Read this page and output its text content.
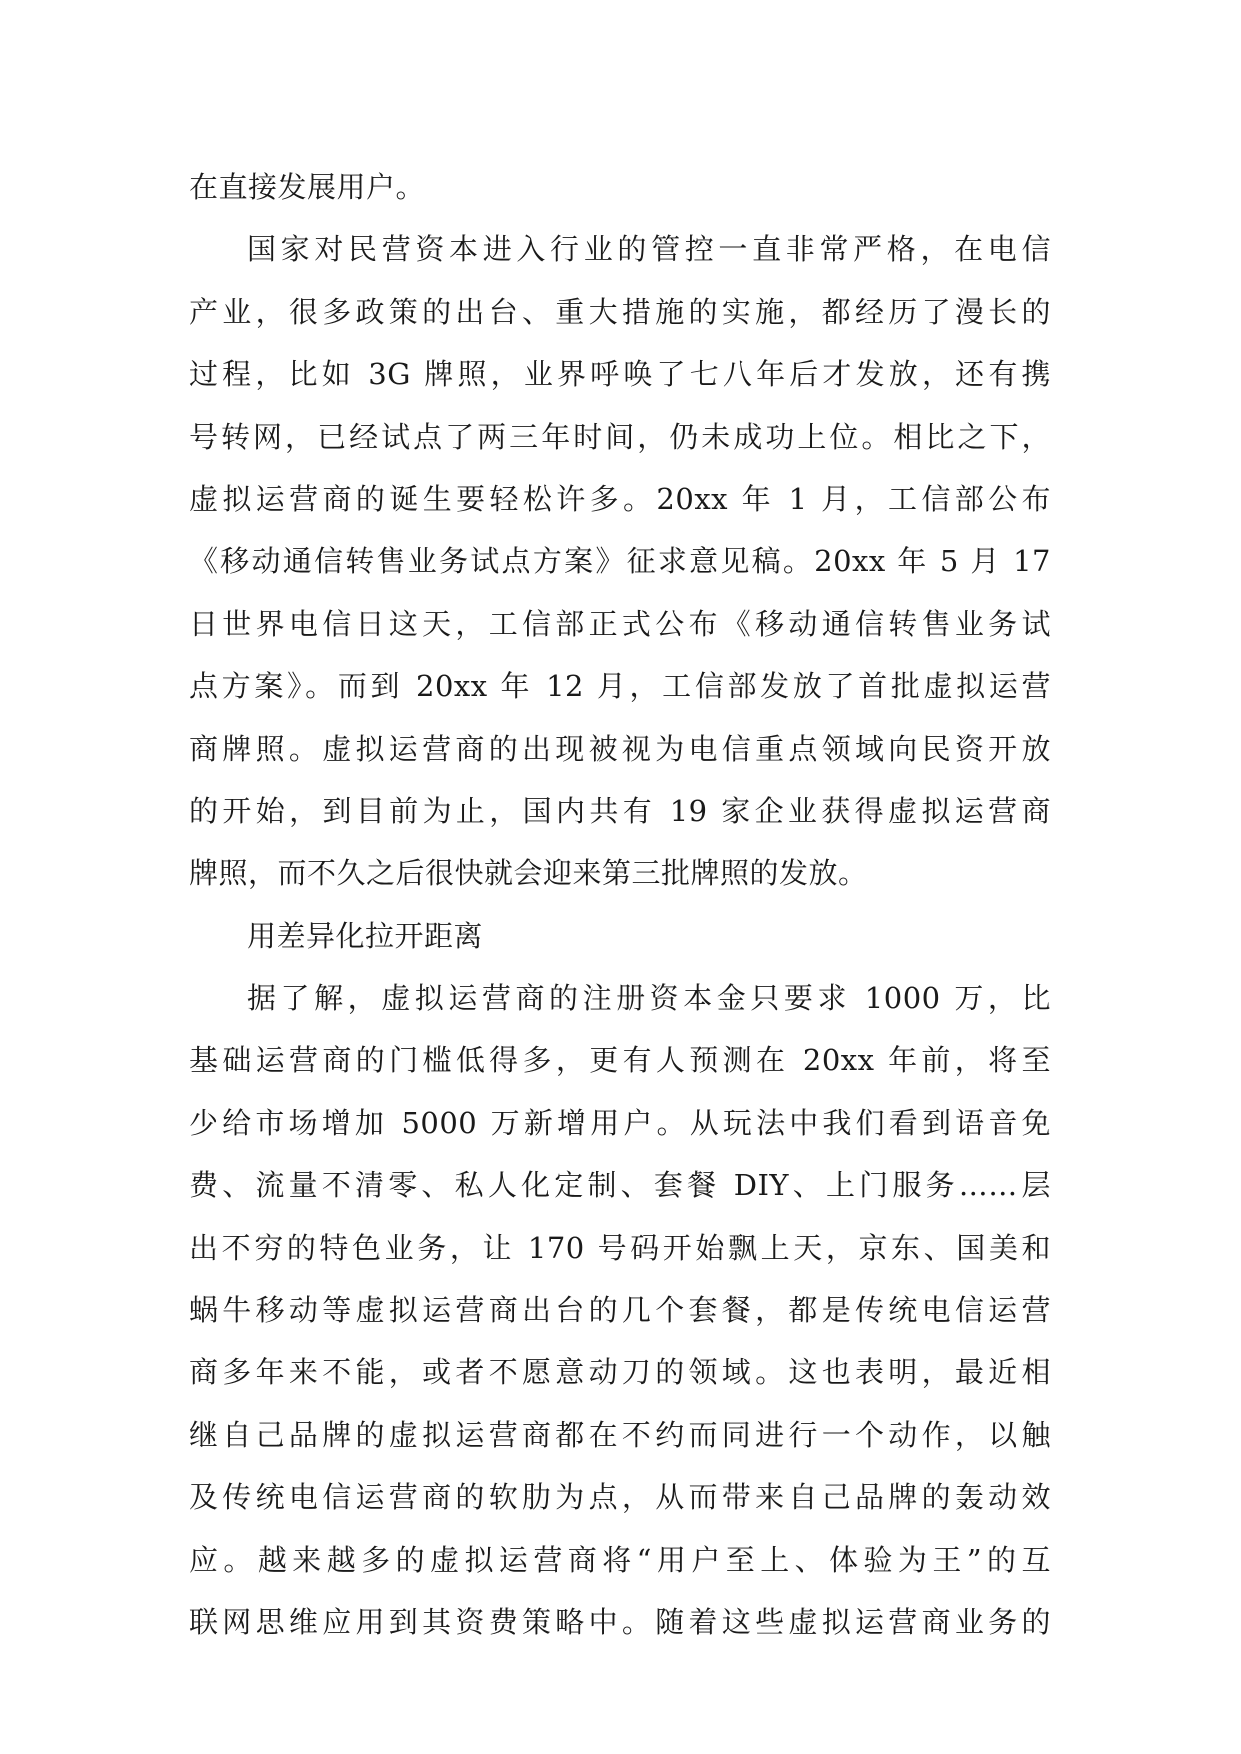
在直接发展用户。
国家对民营资本进入行业的管控一直非常严格，在电信
产业，很多政策的出台、重大措施的实施，都经历了漫长的
过程，比如 3G 牌照，业界呼唤了七八年后才发放，还有携
号转网，已经试点了两三年时间，仍未成功上位。相比之下，
虚拟运营商的诞生要轻松许多。20xx 年 1 月，工信部公布
《移动通信转售业务试点方案》征求意见稿。20xx 年 5 月 17
日世界电信日这天，工信部正式公布《移动通信转售业务试
点方案》。而到 20xx 年 12 月，工信部发放了首批虚拟运营
商牌照。虚拟运营商的出现被视为电信重点领域向民资开放
的开始，到目前为止，国内共有 19 家企业获得虚拟运营商
牌照，而不久之后很快就会迎来第三批牌照的发放。
用差异化拉开距离
据了解，虚拟运营商的注册资本金只要求 1000 万，比
基础运营商的门槛低得多，更有人预测在 20xx 年前，将至
少给市场增加 5000 万新增用户。从玩法中我们看到语音免
费、流量不清零、私人化定制、套餐 DIY、上门服务……层
出不穷的特色业务，让 170 号码开始飘上天，京东、国美和
蜗牛移动等虚拟运营商出台的几个套餐，都是传统电信运营
商多年来不能，或者不愿意动刀的领域。这也表明，最近相
继自己品牌的虚拟运营商都在不约而同进行一个动作，以触
及传统电信运营商的软肋为点，从而带来自己品牌的轰动效
应。越来越多的虚拟运营商将“用户至上、体验为王”的互
联网思维应用到其资费策略中。随着这些虚拟运营商业务的
